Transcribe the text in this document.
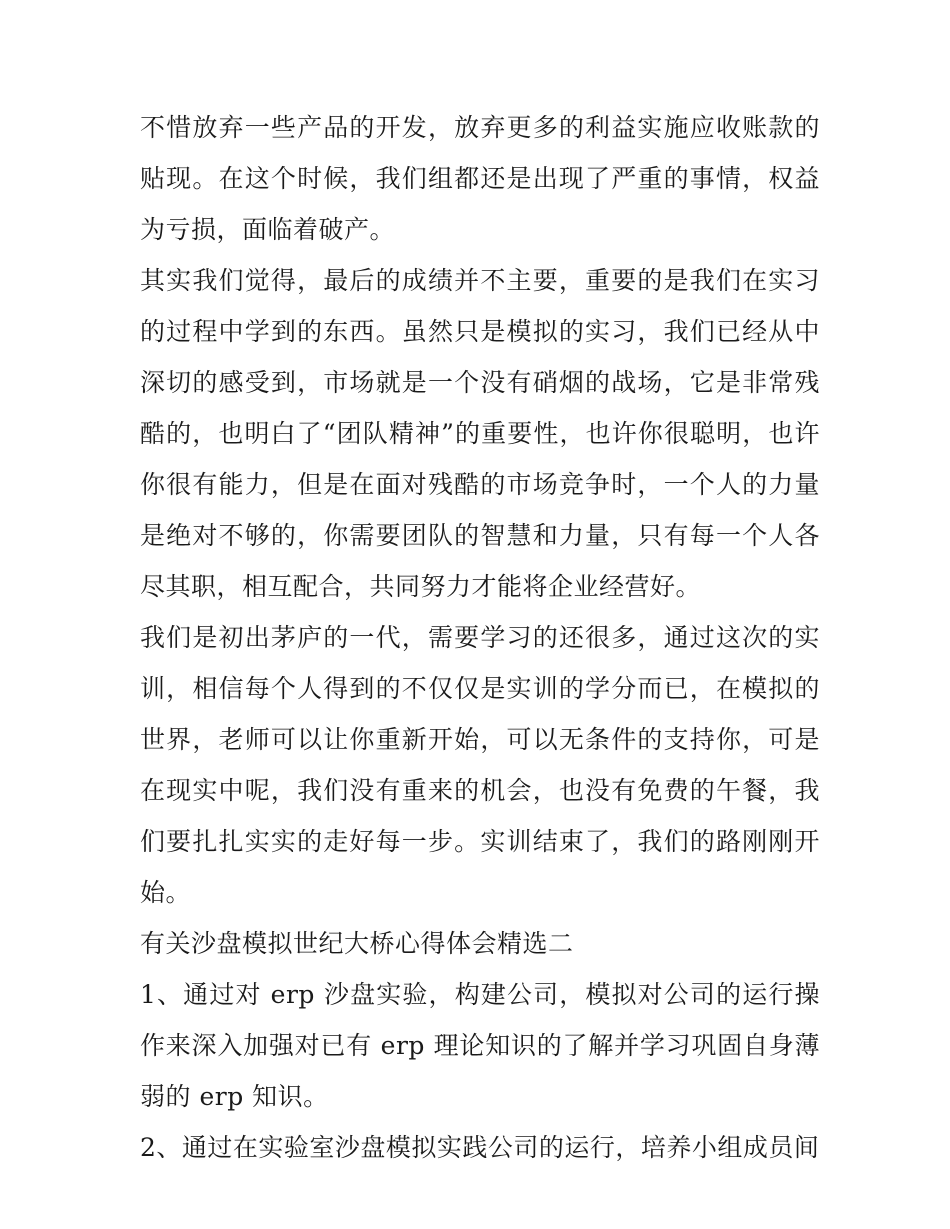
不惜放弃一些产品的开发，放弃更多的利益实施应收账款的贴现。在这个时候，我们组都还是出现了严重的事情，权益为亏损，面临着破产。

其实我们觉得，最后的成绩并不主要，重要的是我们在实习的过程中学到的东西。虽然只是模拟的实习，我们已经从中深切的感受到，市场就是一个没有硝烟的战场，它是非常残酷的，也明白了“团队精神”的重要性，也许你很聪明，也许你很有能力，但是在面对残酷的市场竞争时，一个人的力量是绝对不够的，你需要团队的智慧和力量，只有每一个人各尽其职，相互配合，共同努力才能将企业经营好。

我们是初出茅庐的一代，需要学习的还很多，通过这次的实训，相信每个人得到的不仅仅是实训的学分而已，在模拟的世界，老师可以让你重新开始，可以无条件的支持你，可是在现实中呢，我们没有重来的机会，也没有免费的午餐，我们要扎扎实实的走好每一步。实训结束了，我们的路刚刚开始。

有关沙盘模拟世纪大桥心得体会精选二

1、通过对 erp 沙盘实验，构建公司，模拟对公司的运行操作来深入加强对已有 erp 理论知识的了解并学习巩固自身薄弱的 erp 知识。

2、通过在实验室沙盘模拟实践公司的运行，培养小组成员间
